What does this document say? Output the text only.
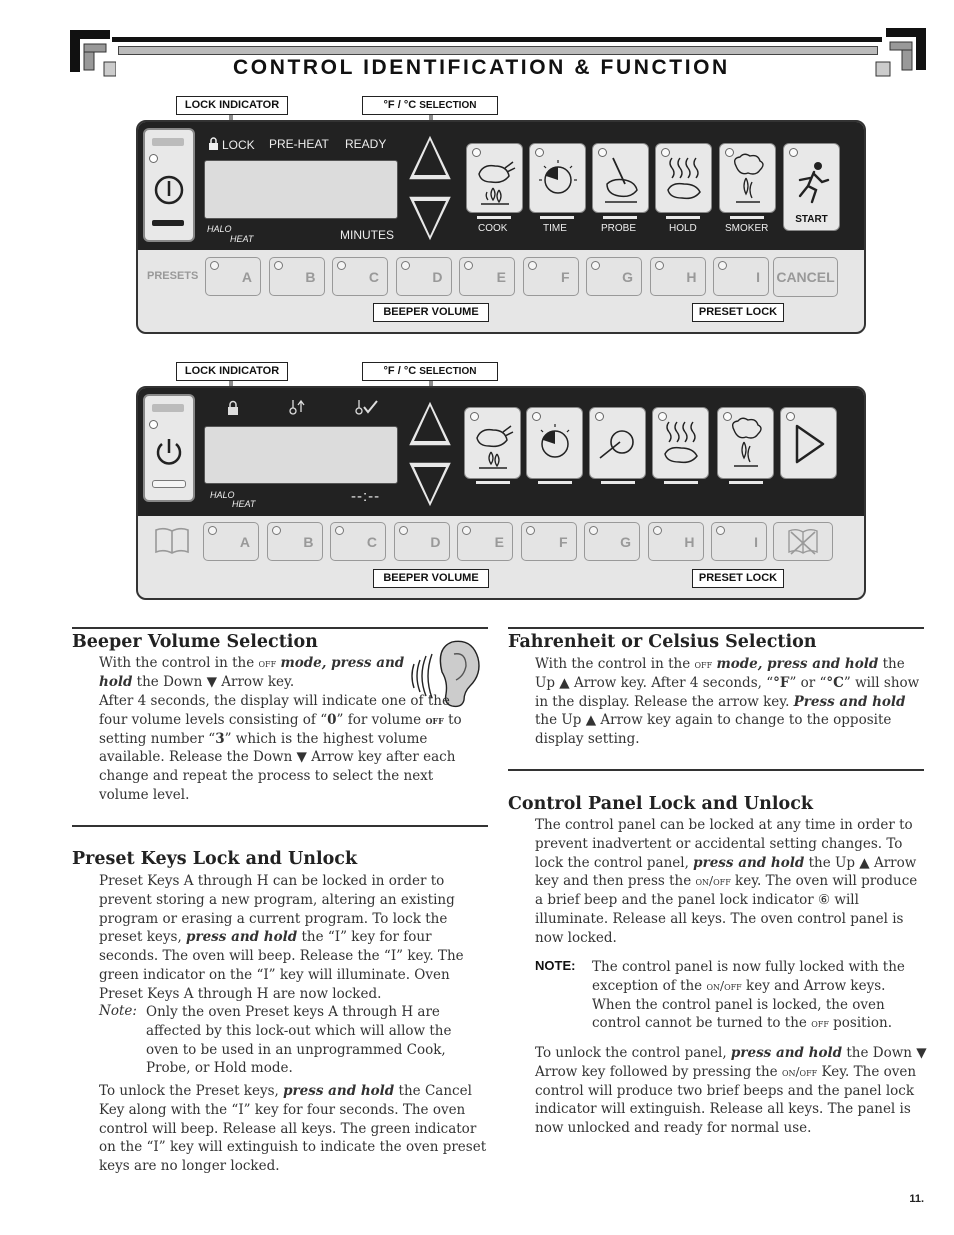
CONTROL IDENTIFICATION & FUNCTION
LOCK PRE-HEAT READY
HALO
HEAT	MINUTES	COOK	TIME	PROBE	HOLD	SMOKER
START
PRESETS	A	B	C	D	E	F	G	H	I CANCEL
LOCK INDICATOR	°F / °C SELECTION
BEEPER VOLUME	PRESET LOCK
HALO
HEAT	--:--
A	B	C	D	E	F	G	H	I
LOCK INDICATOR	°F / °C SELECTION
BEEPER VOLUME	PRESET LOCK
Beeper Volume Selection
With the control in the off mode, press and hold the Down ▼ Arrow key.
After 4 seconds, the display will indicate one of the four volume levels consisting of “0” for volume off to setting number “3” which is the highest volume available. Release the Down ▼ Arrow key after each change and repeat the process to select the next volume level.
Preset Keys Lock and Unlock
Preset Keys A through H can be locked in order to prevent storing a new program, altering an existing program or erasing a current program. To lock the preset keys, press and hold the “I” key for four seconds. The oven will beep. Release the “I” key. The green indicator on the “I” key will illuminate. Oven Preset Keys A through H are now locked.
Note: Only the oven Preset keys A through H are affected by this lock-out which will allow the oven to be used in an unprogrammed Cook, Probe, or Hold mode.
To unlock the Preset keys, press and hold the Cancel Key along with the “I” key for four seconds. The oven control will beep. Release all keys. The green indicator on the “I” key will extinguish to indicate the oven preset keys are no longer locked.
Fahrenheit or Celsius Selection
With the control in the off mode, press and hold the Up ▲ Arrow key. After 4 seconds, “°F” or “°C” will show in the display. Release the arrow key. Press and hold the Up ▲ Arrow key again to change to the opposite display setting.
Control Panel Lock and Unlock
The control panel can be locked at any time in order to prevent inadvertent or accidental setting changes. To lock the control panel, press and hold the Up ▲ Arrow key and then press the on/off key. The oven will produce a brief beep and the panel lock indicator ⑥ will illuminate. Release all keys. The oven control panel is now locked.
NOTE: The control panel is now fully locked with the exception of the on/off key and Arrow keys. When the control panel is locked, the oven control cannot be turned to the off position.
To unlock the control panel, press and hold the Down ▼ Arrow key followed by pressing the on/off Key. The oven control will produce two brief beeps and the panel lock indicator will extinguish. Release all keys. The panel is now unlocked and ready for normal use.
11.
